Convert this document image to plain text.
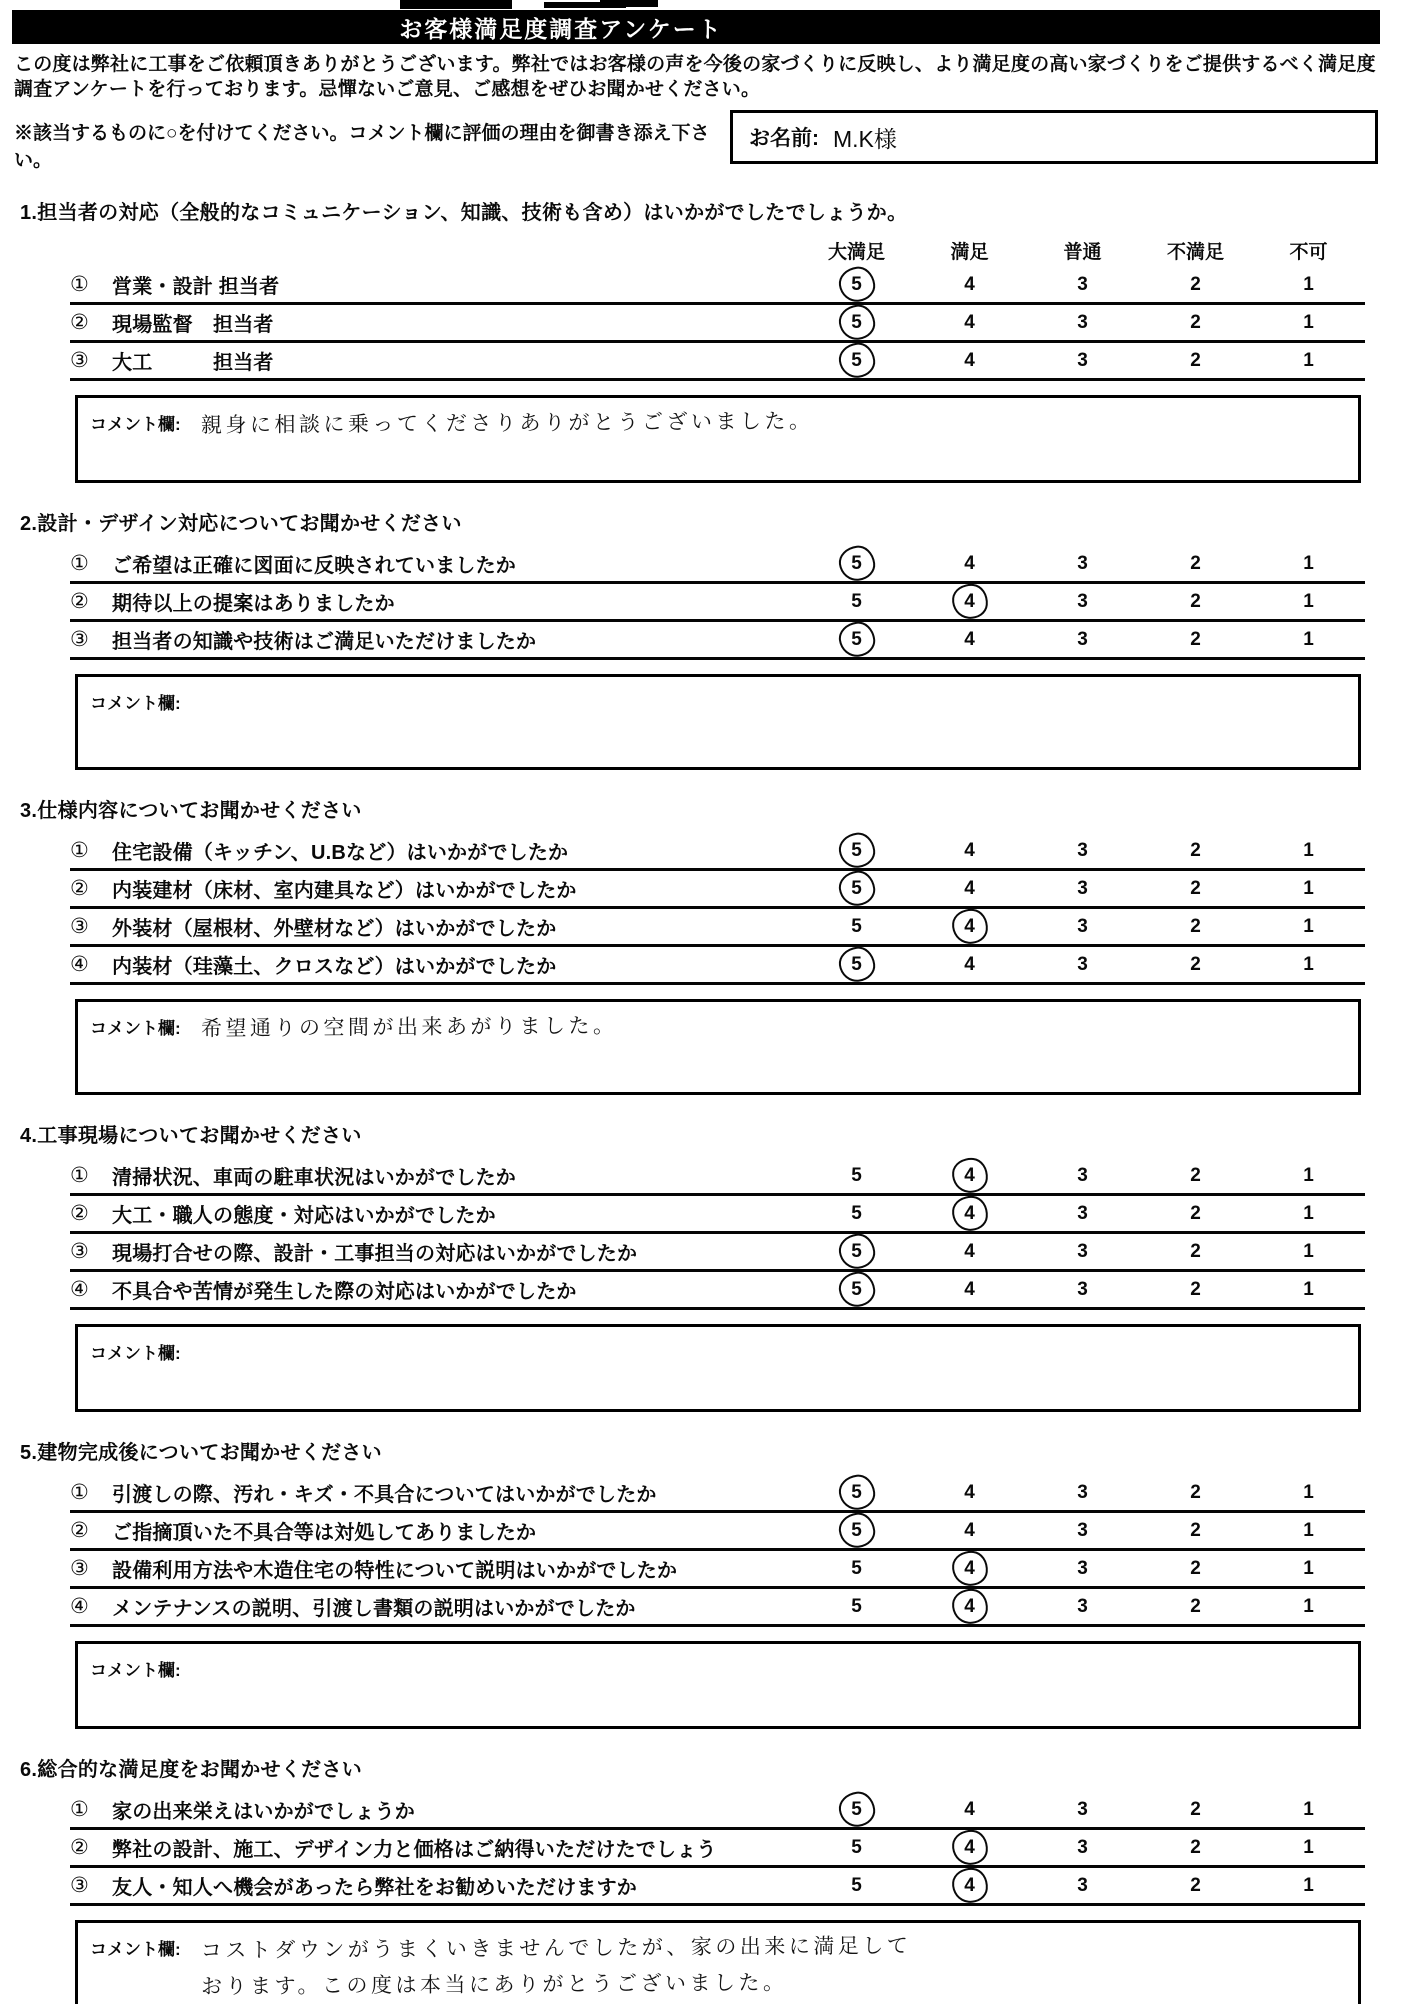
お客様満足度調査アンケート
この度は弊社に工事をご依頼頂きありがとうございます。弊社ではお客様の声を今後の家づくりに反映し、より満足度の高い家づくりをご提供するべく満足度調査アンケートを行っております。忌憚ないご意見、ご感想をぜひお聞かせください。
※該当するものに○を付けてください。コメント欄に評価の理由を御書き添え下さい。
お名前: M.K様
1.担当者の対応（全般的なコミュニケーション、知識、技術も含め）はいかがでしたでしょうか。
大満足	満足	普通	不満足	不可
①	営業・設計 担当者	5	4	3	2	1
②	現場監督　担当者	5	4	3	2	1
③	大工　　　担当者	5	4	3	2	1
コメント欄: 親身に相談に乗ってくださりありがとうございました。
2.設計・デザイン対応についてお聞かせください
①	ご希望は正確に図面に反映されていましたか	5	4	3	2	1
②	期待以上の提案はありましたか	5	4	3	2	1
③	担当者の知識や技術はご満足いただけましたか	5	4	3	2	1
コメント欄:
3.仕様内容についてお聞かせください
①	住宅設備（キッチン、U.Bなど）はいかがでしたか	5	4	3	2	1
②	内装建材（床材、室内建具など）はいかがでしたか	5	4	3	2	1
③	外装材（屋根材、外壁材など）はいかがでしたか	5	4	3	2	1
④	内装材（珪藻土、クロスなど）はいかがでしたか	5	4	3	2	1
コメント欄: 希望通りの空間が出来あがりました。
4.工事現場についてお聞かせください
①	清掃状況、車両の駐車状況はいかがでしたか	5	4	3	2	1
②	大工・職人の態度・対応はいかがでしたか	5	4	3	2	1
③	現場打合せの際、設計・工事担当の対応はいかがでしたか	5	4	3	2	1
④	不具合や苦情が発生した際の対応はいかがでしたか	5	4	3	2	1
コメント欄:
5.建物完成後についてお聞かせください
①	引渡しの際、汚れ・キズ・不具合についてはいかがでしたか	5	4	3	2	1
②	ご指摘頂いた不具合等は対処してありましたか	5	4	3	2	1
③	設備利用方法や木造住宅の特性について説明はいかがでしたか	5	4	3	2	1
④	メンテナンスの説明、引渡し書類の説明はいかがでしたか	5	4	3	2	1
コメント欄:
6.総合的な満足度をお聞かせください
①	家の出来栄えはいかがでしょうか	5	4	3	2	1
②	弊社の設計、施工、デザイン力と価格はご納得いただけたでしょう	5	4	3	2	1
③	友人・知人へ機会があったら弊社をお勧めいただけますか	5	4	3	2	1
コメント欄: コストダウンがうまくいきませんでしたが、家の出来に満足して
おります。この度は本当にありがとうございました。
